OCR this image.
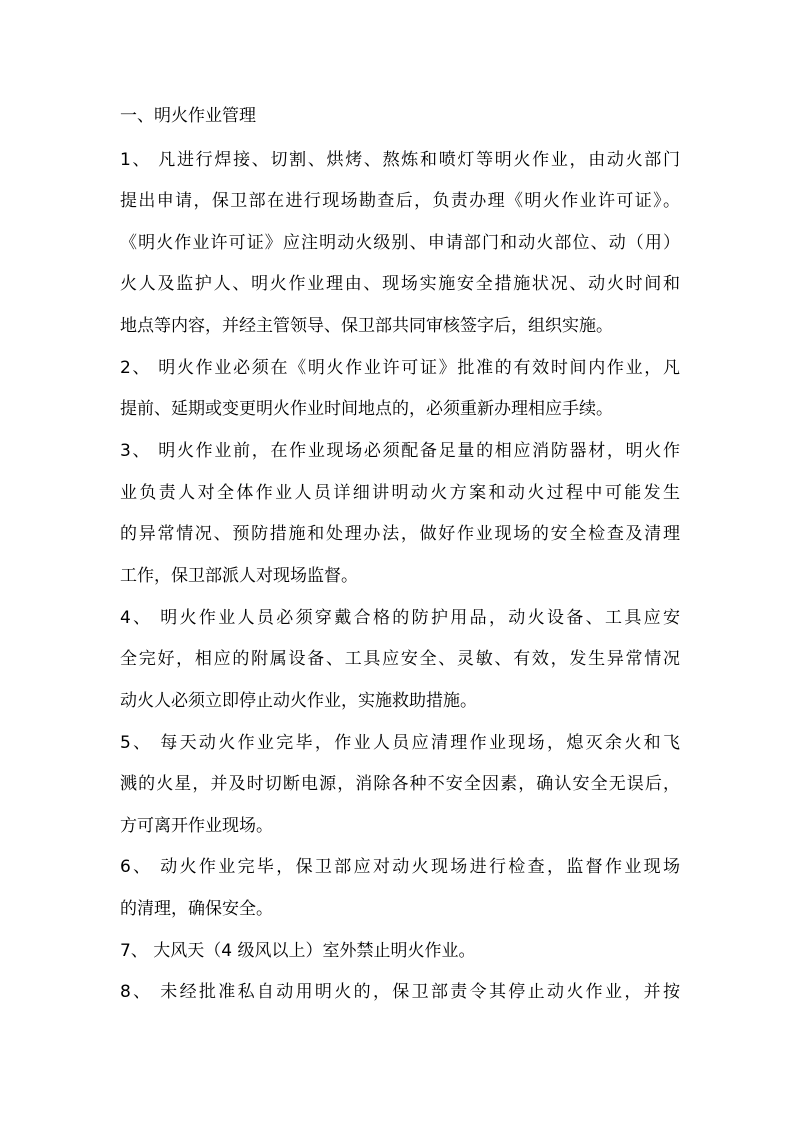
一、明火作业管理
1、 凡进行焊接、切割、烘烤、熬炼和喷灯等明火作业，由动火部门
提出申请，保卫部在进行现场勘查后，负责办理《明火作业许可证》。
《明火作业许可证》应注明动火级别、申请部门和动火部位、动（用）
火人及监护人、明火作业理由、现场实施安全措施状况、动火时间和
地点等内容，并经主管领导、保卫部共同审核签字后，组织实施。
2、 明火作业必须在《明火作业许可证》批准的有效时间内作业，凡
提前、延期或变更明火作业时间地点的，必须重新办理相应手续。
3、 明火作业前，在作业现场必须配备足量的相应消防器材，明火作
业负责人对全体作业人员详细讲明动火方案和动火过程中可能发生
的异常情况、预防措施和处理办法，做好作业现场的安全检查及清理
工作，保卫部派人对现场监督。
4、 明火作业人员必须穿戴合格的防护用品，动火设备、工具应安
全完好，相应的附属设备、工具应安全、灵敏、有效，发生异常情况
动火人必须立即停止动火作业，实施救助措施。
5、 每天动火作业完毕，作业人员应清理作业现场，熄灭余火和飞
溅的火星，并及时切断电源，消除各种不安全因素，确认安全无误后，
方可离开作业现场。
6、 动火作业完毕，保卫部应对动火现场进行检查，监督作业现场
的清理，确保安全。
7、 大风天（4 级风以上）室外禁止明火作业。
8、 未经批准私自动用明火的，保卫部责令其停止动火作业，并按
